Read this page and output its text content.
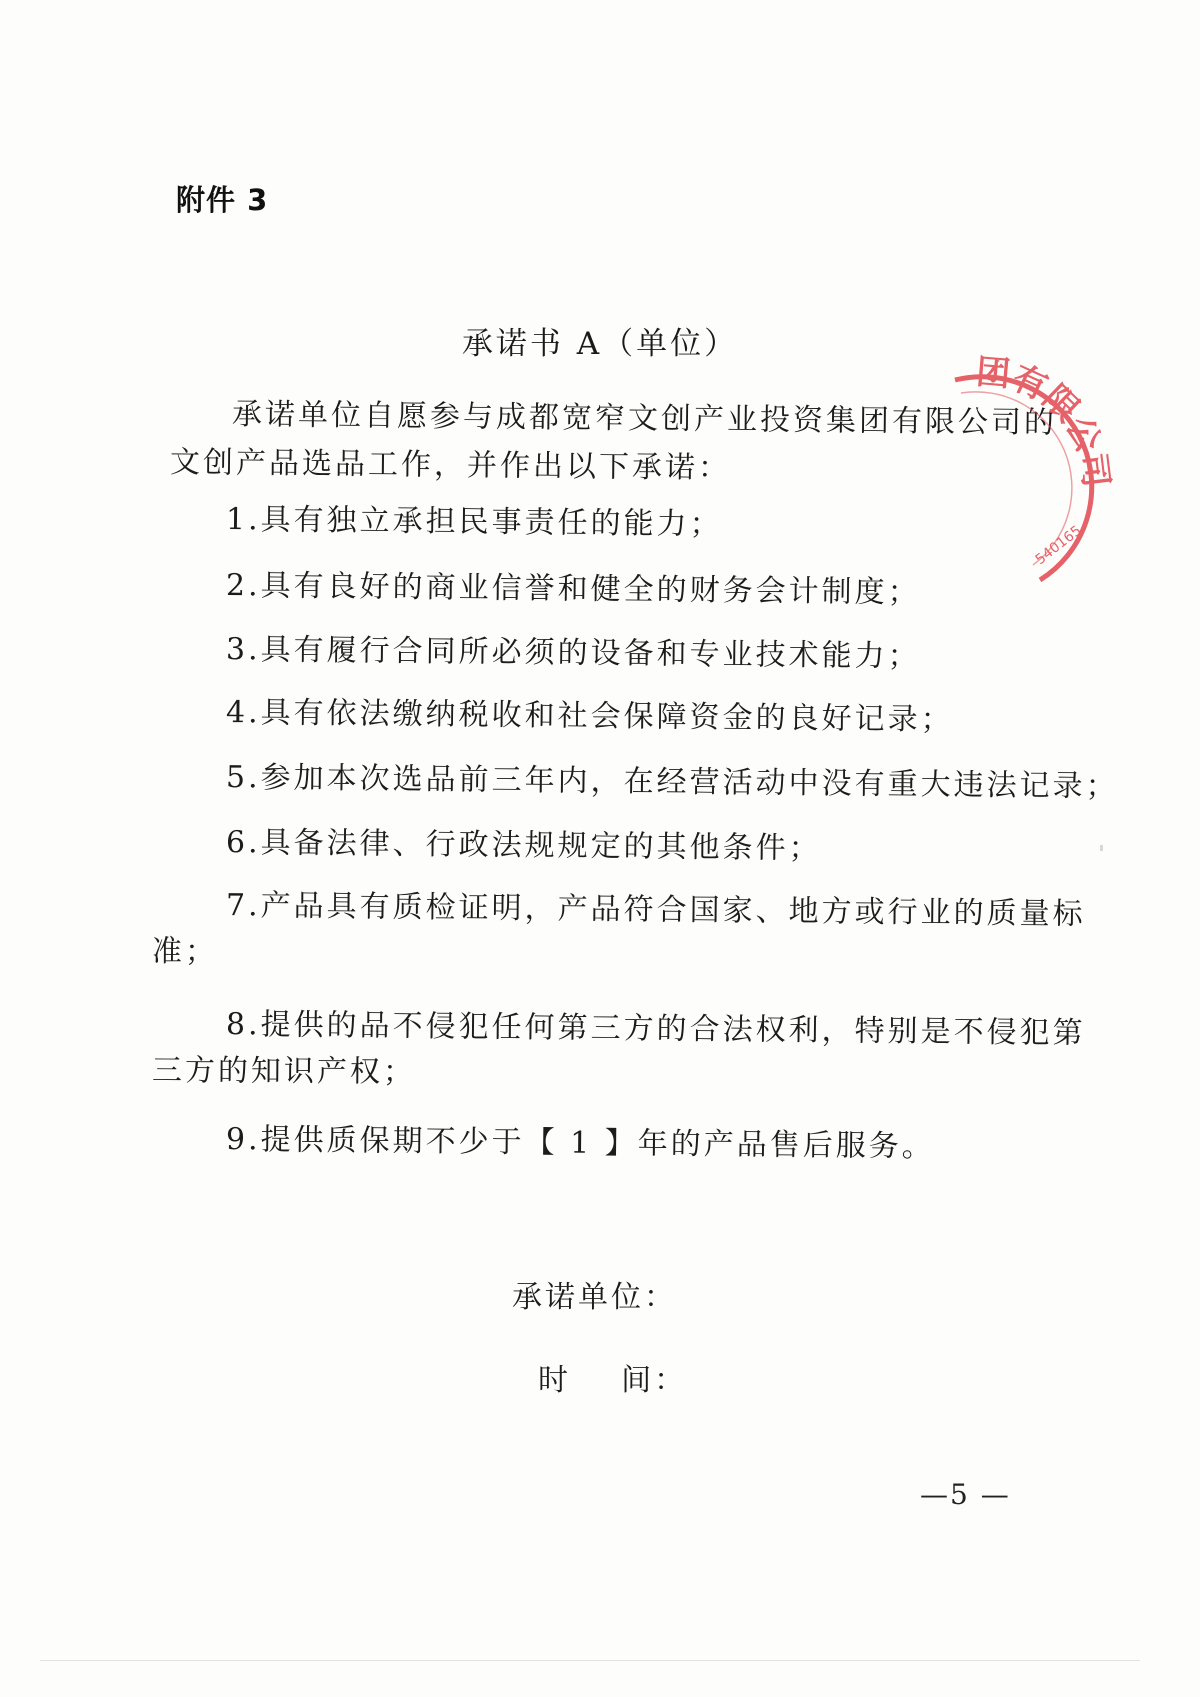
附件 3
承诺书 A（单位）
承诺单位自愿参与成都宽窄文创产业投资集团有限公司的
文创产品选品工作，并作出以下承诺：
1.具有独立承担民事责任的能力；
2.具有良好的商业信誉和健全的财务会计制度；
3.具有履行合同所必须的设备和专业技术能力；
4.具有依法缴纳税收和社会保障资金的良好记录；
5.参加本次选品前三年内，在经营活动中没有重大违法记录；
6.具备法律、行政法规规定的其他条件；
7.产品具有质检证明，产品符合国家、地方或行业的质量标
准；
8.提供的品不侵犯任何第三方的合法权利，特别是不侵犯第
三方的知识产权；
9.提供质保期不少于【 1 】年的产品售后服务。
承诺单位：
时    间：
—5 —
团有限公司
540165
